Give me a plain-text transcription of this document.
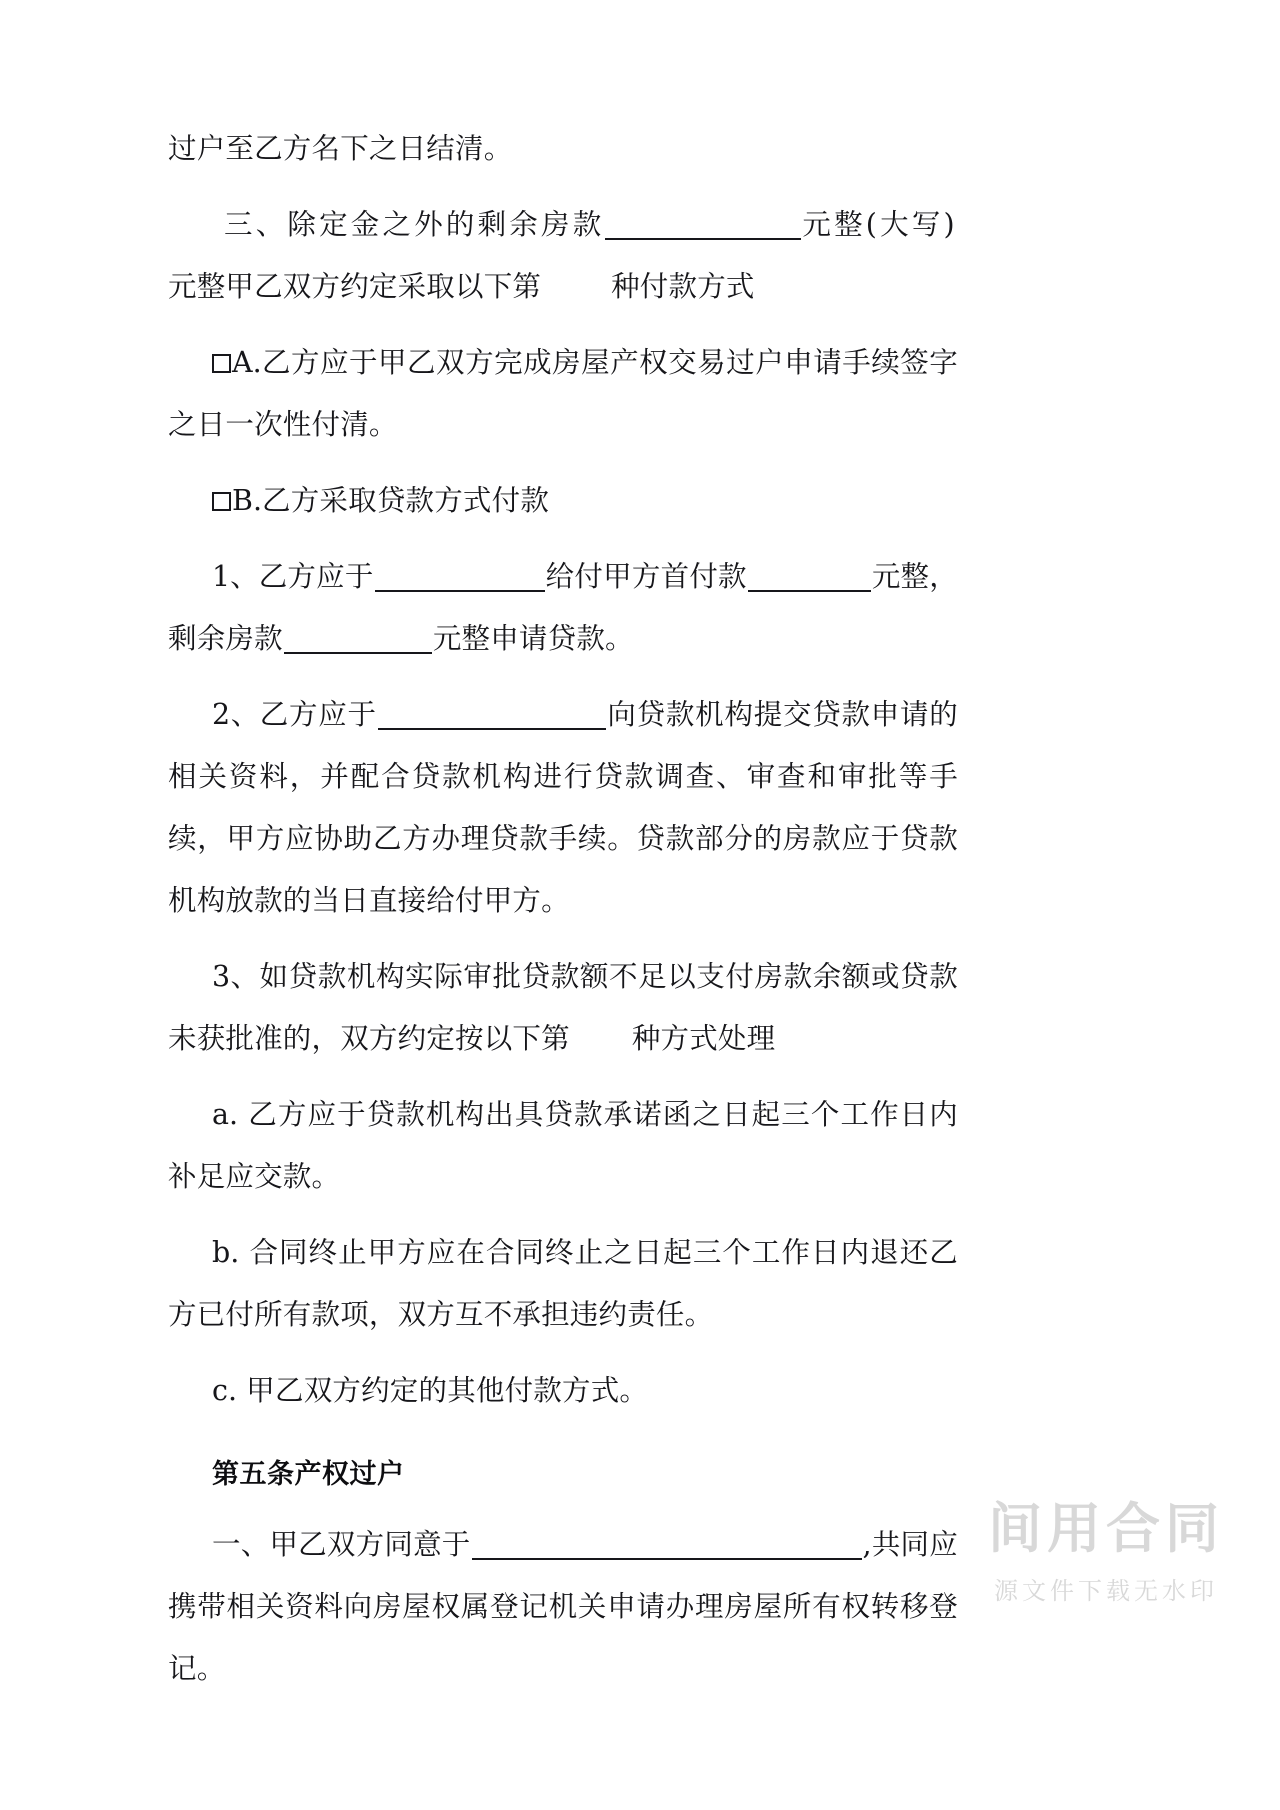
过户至乙方名下之日结清。

三、除定金之外的剩余房款	元整(大写)

元整甲乙双方约定采取以下第 种付款方式

A.乙方应于甲乙双方完成房屋产权交易过户申请手续签字之日一次性付清。

B.乙方采取贷款方式付款

1、乙方应于	给付甲方首付款	元整，剩余房款	元整申请贷款。

2、乙方应于	向贷款机构提交贷款申请的相关资料，并配合贷款机构进行贷款调查、审查和审批等手续，甲方应协助乙方办理贷款手续。贷款部分的房款应于贷款机构放款的当日直接给付甲方。

3、如贷款机构实际审批贷款额不足以支付房款余额或贷款未获批准的，双方约定按以下第 种方式处理

a. 乙方应于贷款机构出具贷款承诺函之日起三个工作日内补足应交款。

b. 合同终止甲方应在合同终止之日起三个工作日内退还乙方已付所有款项，双方互不承担违约责任。

c. 甲乙双方约定的其他付款方式。

第五条产权过户

一、甲乙双方同意于	,共同应携带相关资料向房屋权属登记机关申请办理房屋所有权转移登记。

间用合同
源文件下载无水印
